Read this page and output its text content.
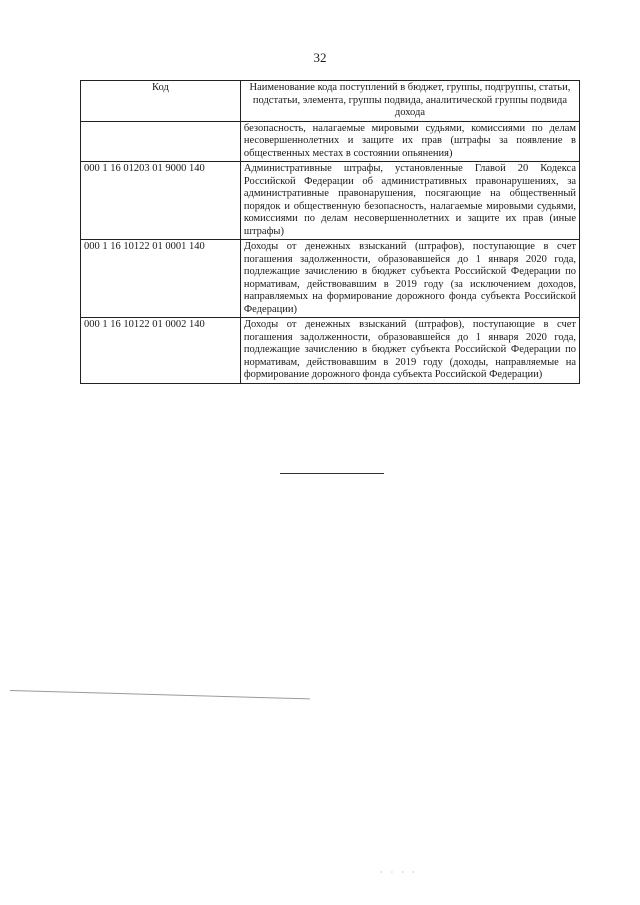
32
Код	Наименование кода поступлений в бюджет, группы, подгруппы, статьи, подстатьи, элемента, группы подвида, аналитической группы подвида дохода
	безопасность, налагаемые мировыми судьями, комиссиями по делам несовершеннолетних и защите их прав (штрафы за появление в общественных местах в состоянии опьянения)
000 1 16 01203 01 9000 140	Административные штрафы, установленные Главой 20 Кодекса Российской Федерации об административных правонарушениях, за административные правонарушения, посягающие на общественный порядок и общественную безопасность, налагаемые мировыми судьями, комиссиями по делам несовершеннолетних и защите их прав (иные штрафы)
000 1 16 10122 01 0001 140	Доходы от денежных взысканий (штрафов), поступающие в счет погашения задолженности, образовавшейся до 1 января 2020 года, подлежащие зачислению в бюджет субъекта Российской Федерации по нормативам, действовавшим в 2019 году (за исключением доходов, направляемых на формирование дорожного фонда субъекта Российской Федерации)
000 1 16 10122 01 0002 140	Доходы от денежных взысканий (штрафов), поступающие в счет погашения задолженности, образовавшейся до 1 января 2020 года, подлежащие зачислению в бюджет субъекта Российской Федерации по нормативам, действовавшим в 2019 году (доходы, направляемые на формирование дорожного фонда субъекта Российской Федерации)
· · · ·
